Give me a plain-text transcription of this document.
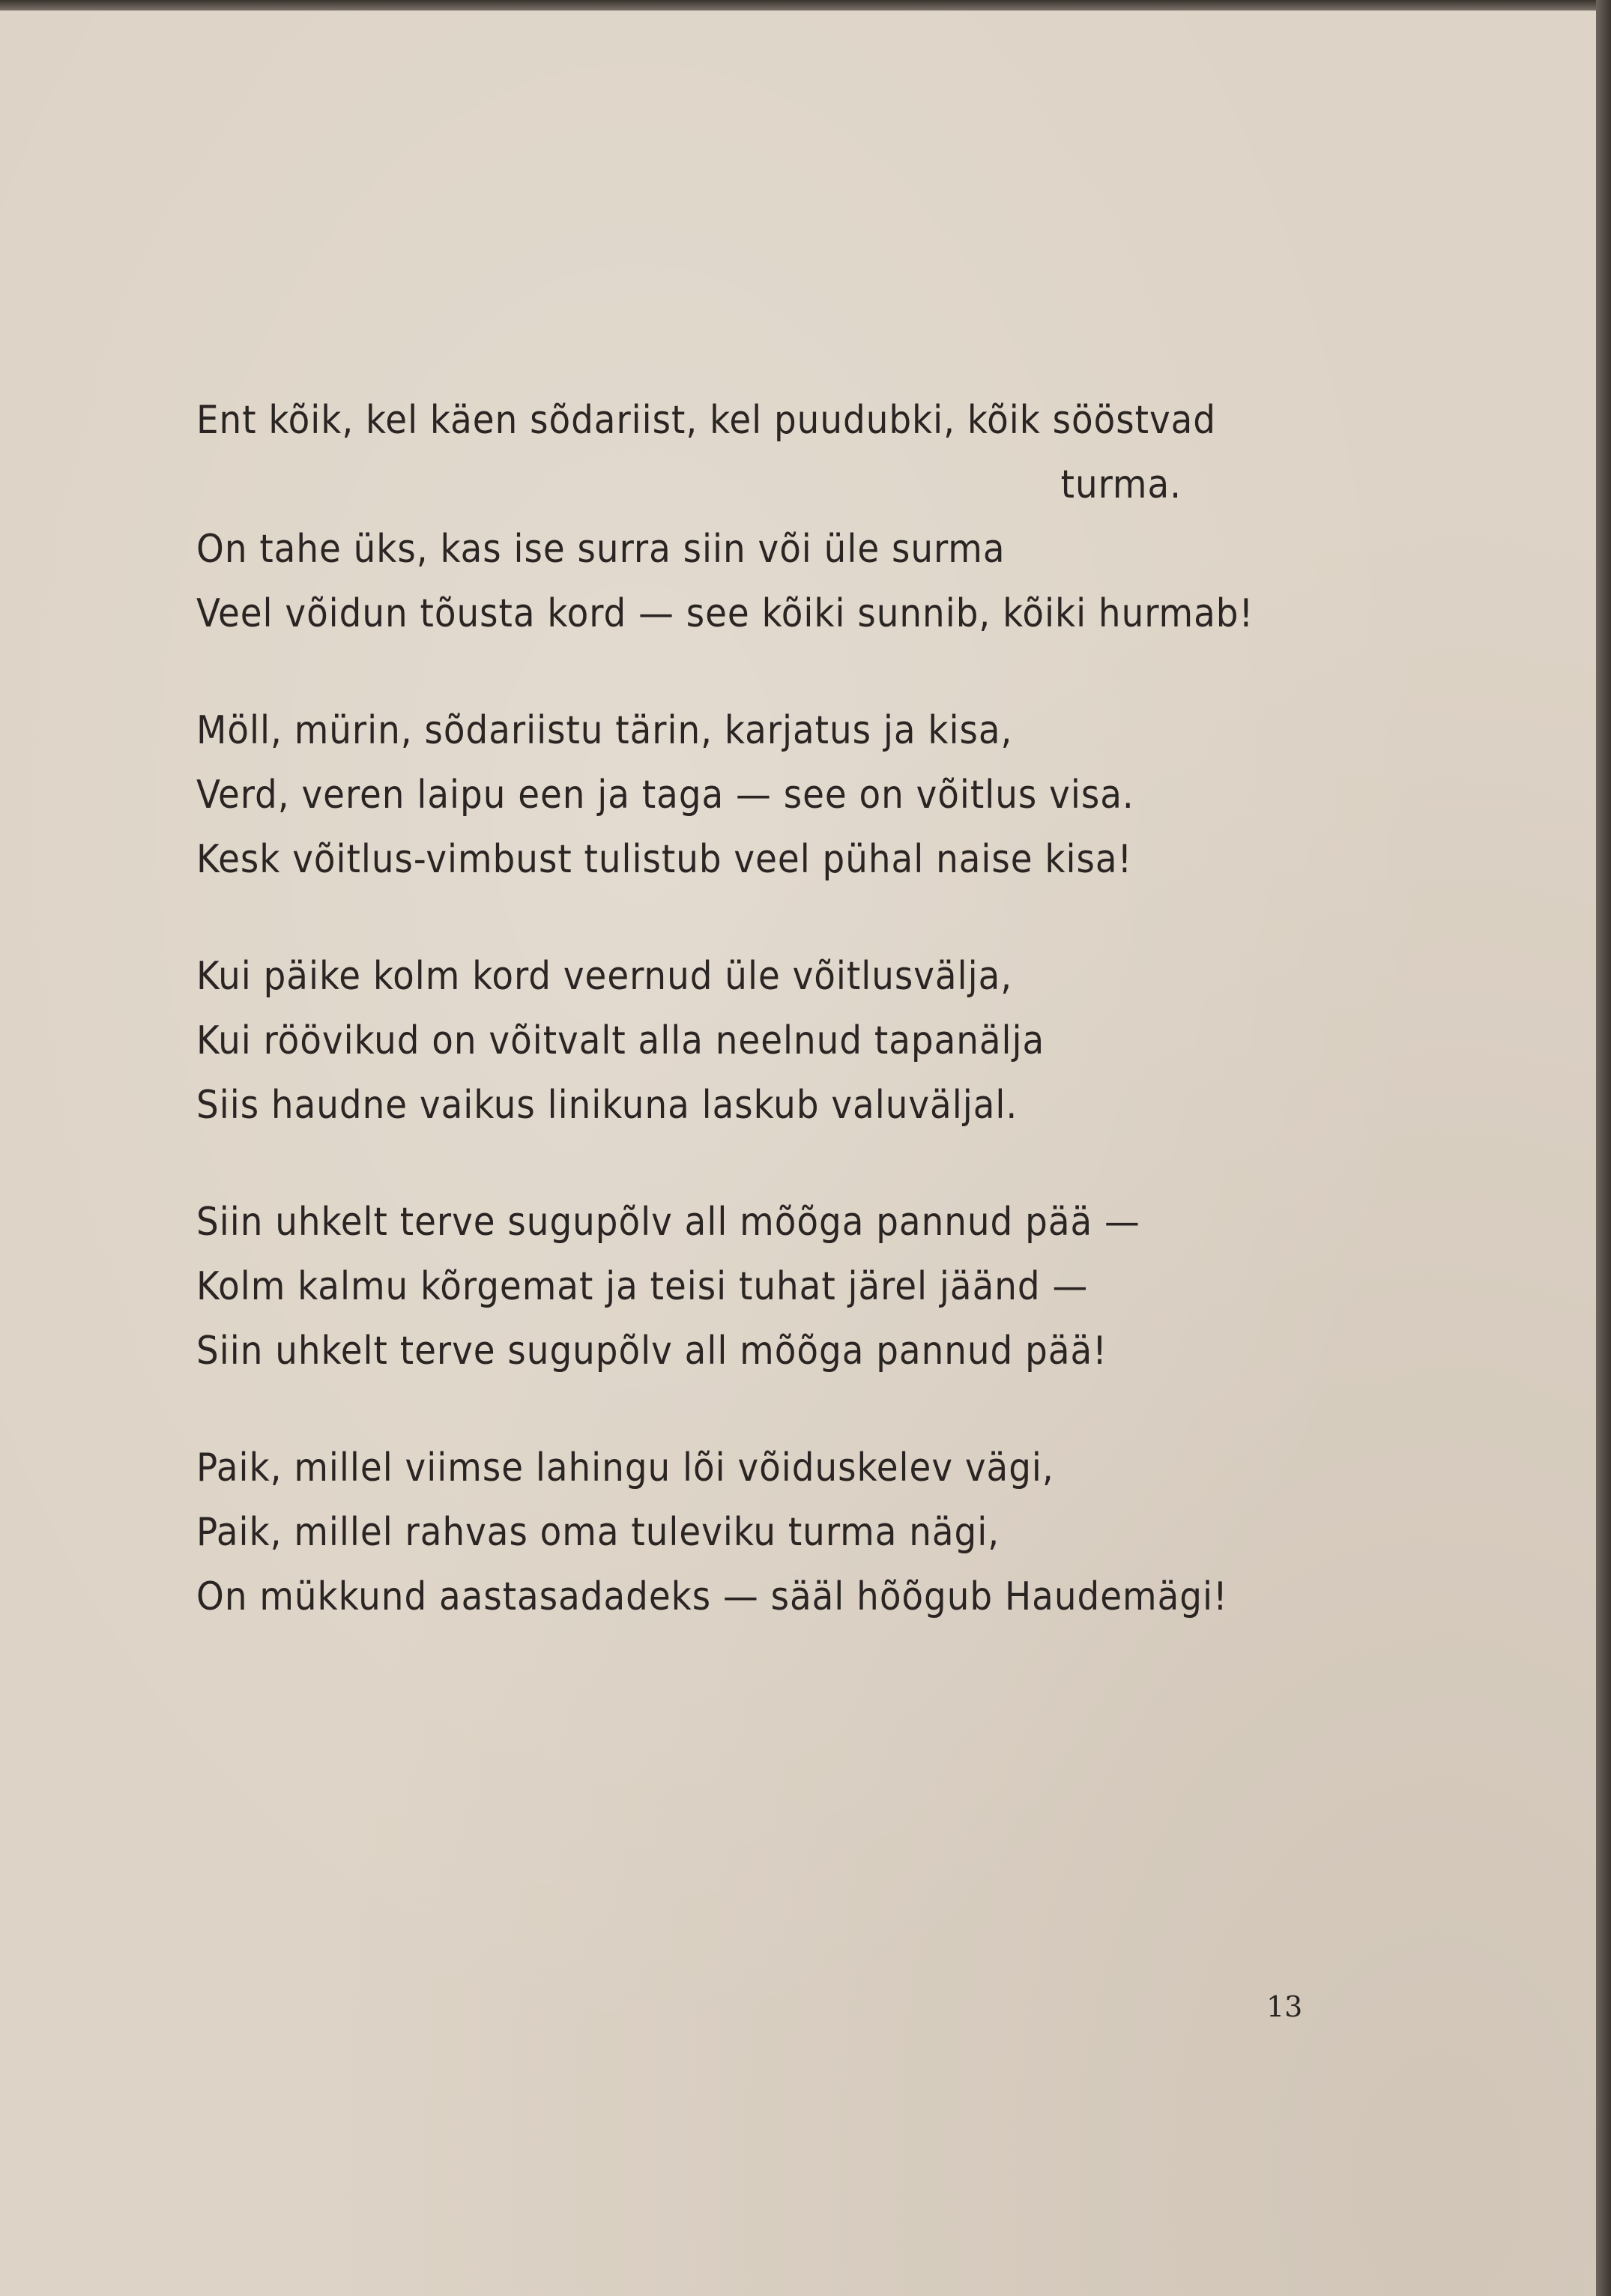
Ent kõik, kel käen sõdariist, kel puudubki, kõik sööstvad
turma.
On tahe üks, kas ise surra siin või üle surma
Veel võidun tõusta kord — see kõiki sunnib, kõiki hurmab!
Möll, mürin, sõdariistu tärin, karjatus ja kisa,
Verd, veren laipu een ja taga — see on võitlus visa.
Kesk võitlus-vimbust tulistub veel pühal naise kisa!
Kui päike kolm kord veernud üle võitlusvälja,
Kui röövikud on võitvalt alla neelnud tapanälja
Siis haudne vaikus linikuna laskub valuväljal.
Siin uhkelt terve sugupõlv all mõõga pannud pää —
Kolm kalmu kõrgemat ja teisi tuhat järel jäänd —
Siin uhkelt terve sugupõlv all mõõga pannud pää!
Paik, millel viimse lahingu lõi võiduskelev vägi,
Paik, millel rahvas oma tuleviku turma nägi,
On mükkund aastasadadeks — sääl hõõgub Haudemägi!
13
